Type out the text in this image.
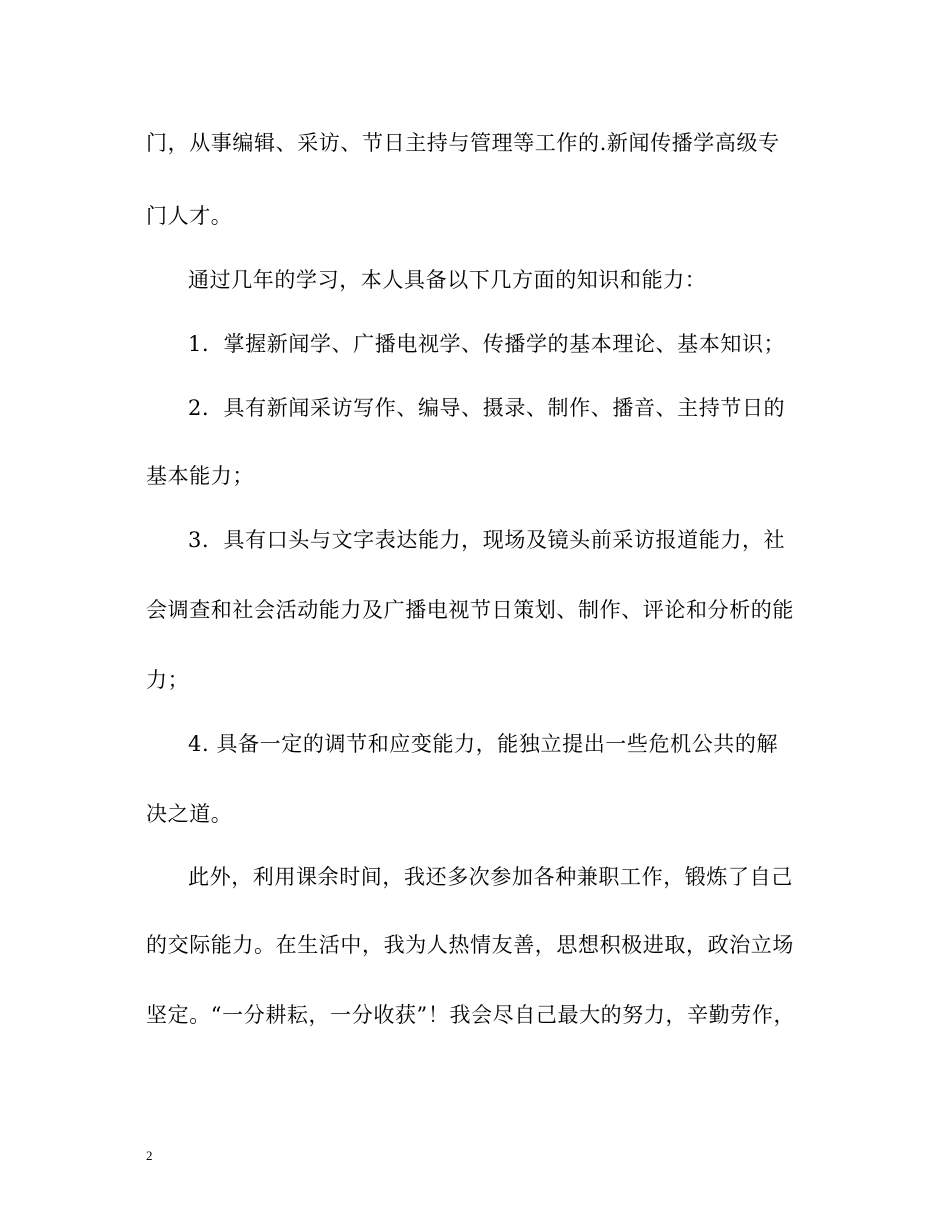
门，从事编辑、采访、节日主持与管理等工作的.新闻传播学高级专
门人才。
通过几年的学习，本人具备以下几方面的知识和能力：
1．掌握新闻学、广播电视学、传播学的基本理论、基本知识；
2．具有新闻采访写作、编导、摄录、制作、播音、主持节日的
基本能力；
3．具有口头与文字表达能力，现场及镜头前采访报道能力，社
会调查和社会活动能力及广播电视节日策划、制作、评论和分析的能
力；
4. 具备一定的调节和应变能力，能独立提出一些危机公共的解
决之道。
此外，利用课余时间，我还多次参加各种兼职工作，锻炼了自己
的交际能力。在生活中，我为人热情友善，思想积极进取，政治立场
坚定。“一分耕耘，一分收获”！我会尽自己最大的努力，辛勤劳作，
2
